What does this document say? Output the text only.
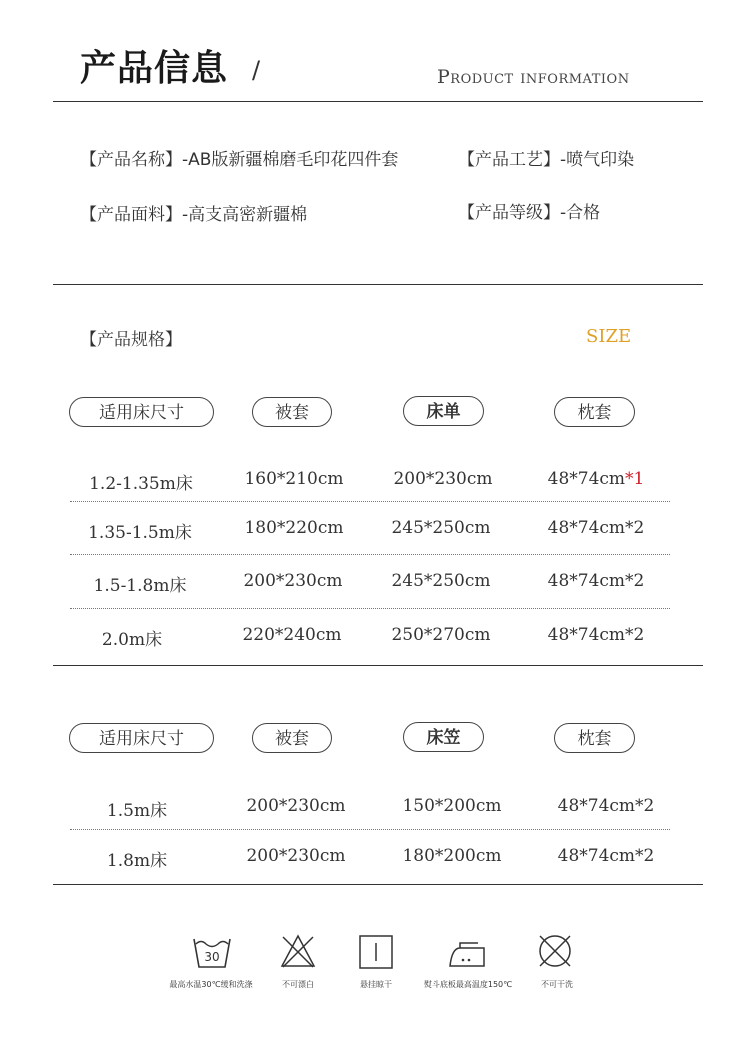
产品信息 /	Product information
【产品名称】-AB版新疆棉磨毛印花四件套	【产品工艺】-喷气印染
【产品面料】-高支高密新疆棉	【产品等级】-合格
【产品规格】	SIZE
适用床尺寸	被套	床单	枕套
1.2-1.35m床	160*210cm	200*230cm	48*74cm*1
1.35-1.5m床	180*220cm	245*250cm	48*74cm*2
1.5-1.8m床	200*230cm	245*250cm	48*74cm*2
2.0m床	220*240cm	250*270cm	48*74cm*2
适用床尺寸	被套	床笠	枕套
1.5m床	200*230cm	150*200cm	48*74cm*2
1.8m床	200*230cm	180*200cm	48*74cm*2
30
最高水温30℃缓和洗涤	不可漂白	悬挂晾干	熨斗底板最高温度150℃	不可干洗
